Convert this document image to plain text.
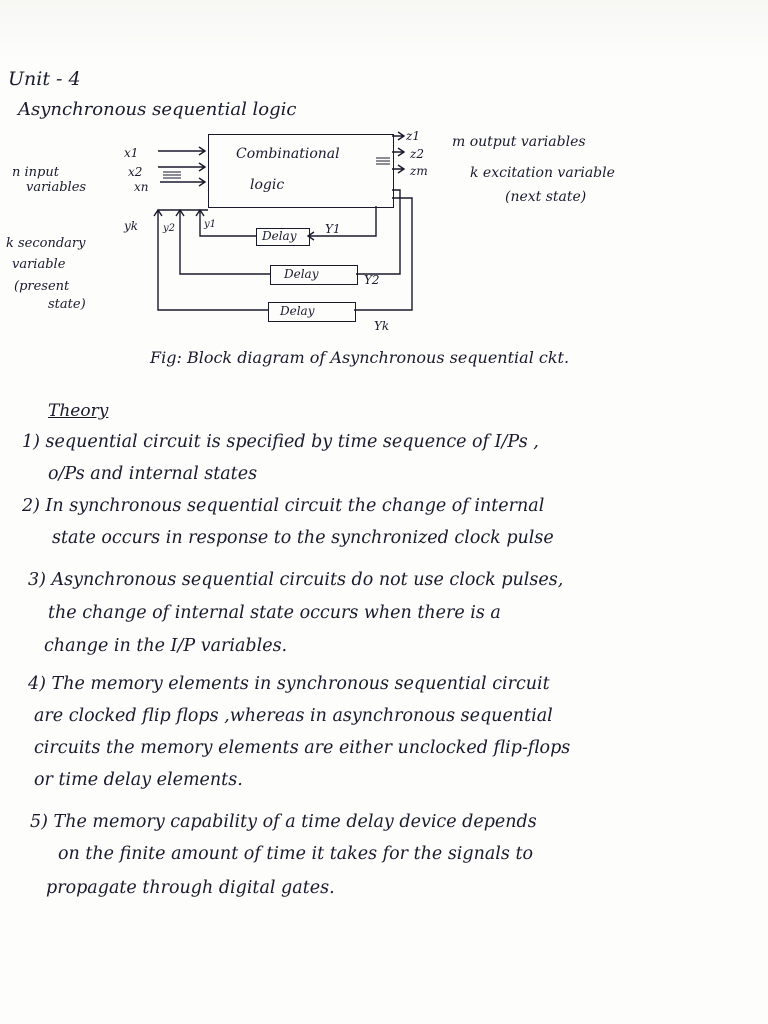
Unit - 4
Asynchronous sequential logic
n input
variables
k secondary
variable
(present
state)
x1
x2
xn
Combinational
logic
z1
z2
zm
m output variables
k excitation variable
(next state)
yk y2	y1
Delay
Delay
Delay
Y1
Y2
Yk
Fig: Block diagram of Asynchronous sequential ckt.
Theory
1) sequential circuit is specified by time sequence of I/Ps ,
o/Ps and internal states
2) In synchronous sequential circuit the change of internal
state occurs in response to the synchronized clock pulse
3) Asynchronous sequential circuits do not use clock pulses,
the change of internal state occurs when there is a
change in the I/P variables.
4) The memory elements in synchronous sequential circuit
are clocked flip flops ,whereas in asynchronous sequential
circuits the memory elements are either unclocked flip-flops
or time delay elements.
5) The memory capability of a time delay device depends
on the finite amount of time it takes for the signals to
propagate through digital gates.
